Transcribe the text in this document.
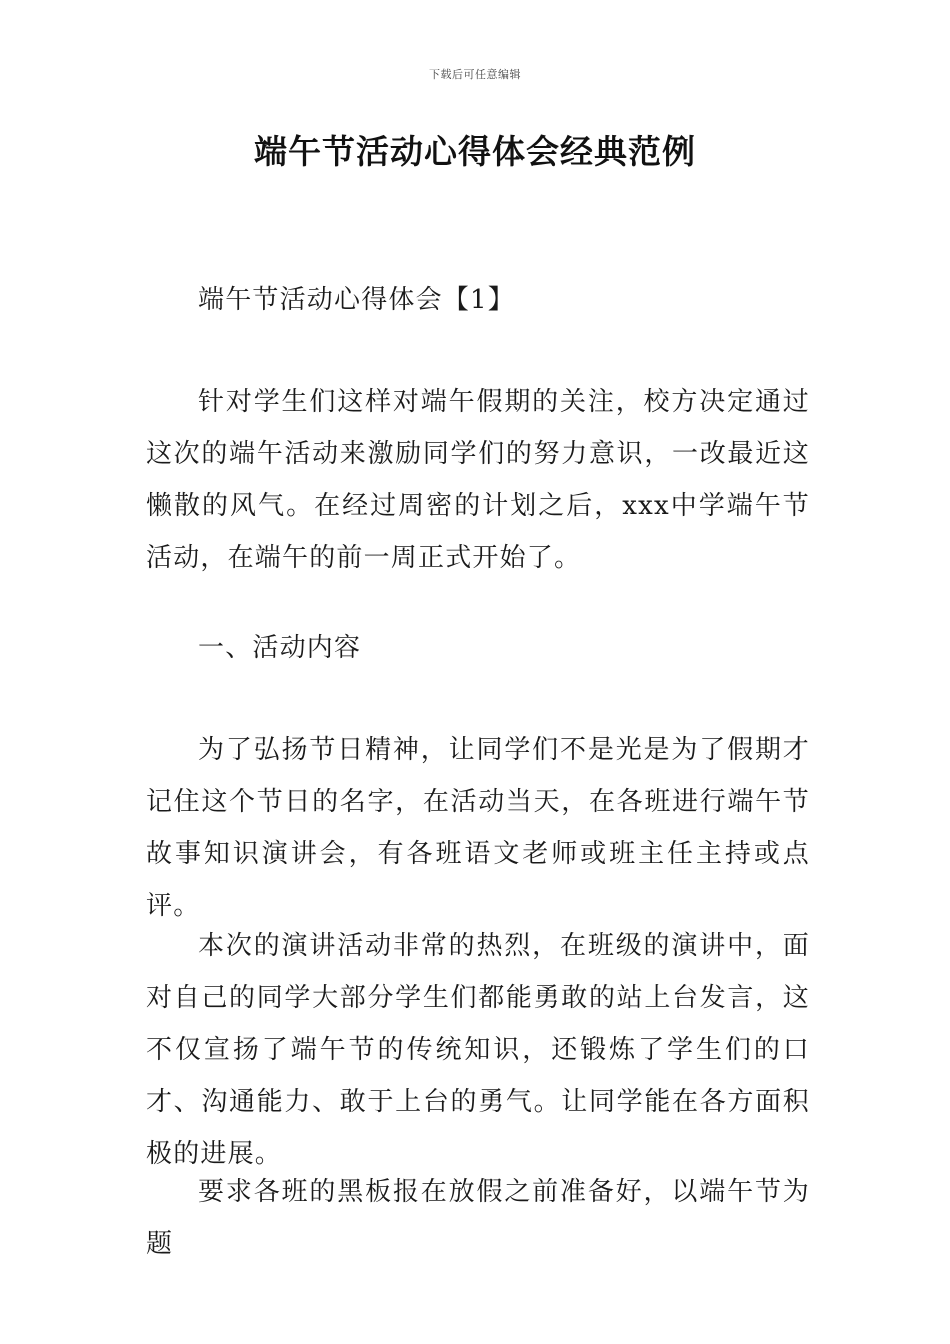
下载后可任意编辑
端午节活动心得体会经典范例

端午节活动心得体会【1】

针对学生们这样对端午假期的关注，校方决定通过这次的端午活动来激励同学们的努力意识，一改最近这懒散的风气。在经过周密的计划之后，xxx中学端午节活动，在端午的前一周正式开始了。

一、活动内容

为了弘扬节日精神，让同学们不是光是为了假期才记住这个节日的名字，在活动当天，在各班进行端午节故事知识演讲会，有各班语文老师或班主任主持或点评。

本次的演讲活动非常的热烈，在班级的演讲中，面对自己的同学大部分学生们都能勇敢的站上台发言，这不仅宣扬了端午节的传统知识，还锻炼了学生们的口才、沟通能力、敢于上台的勇气。让同学能在各方面积极的进展。

要求各班的黑板报在放假之前准备好，以端午节为题
